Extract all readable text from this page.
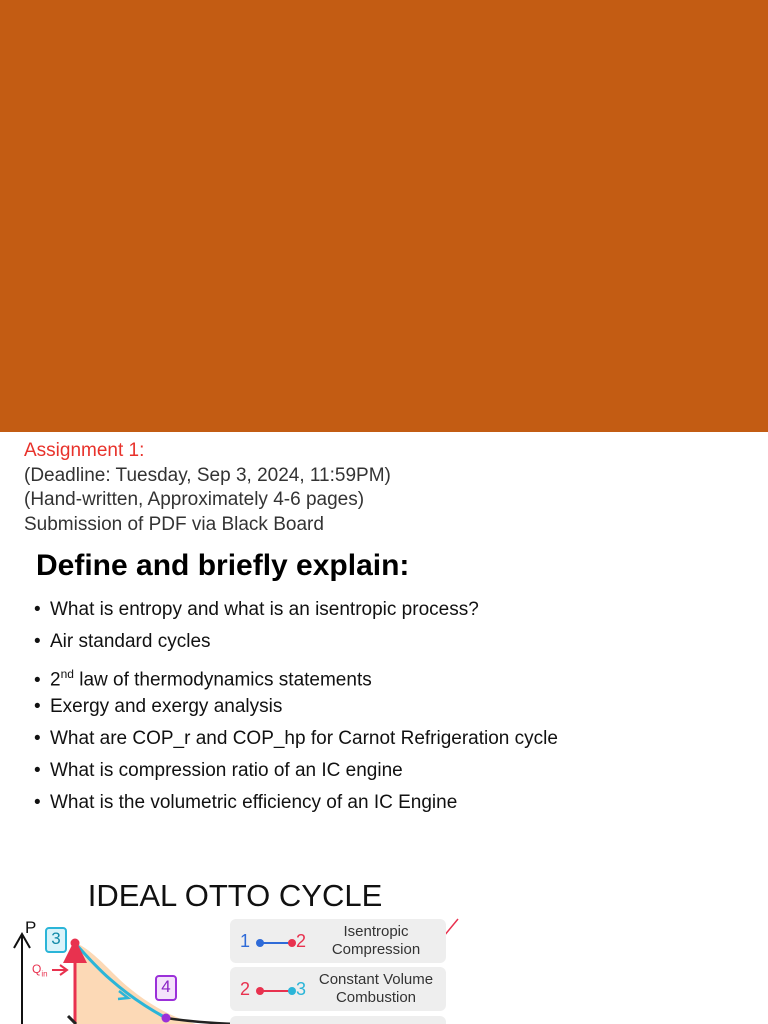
Assignment 1:
(Deadline: Tuesday, Sep 3, 2024, 11:59PM)
(Hand-written, Approximately 4-6 pages)
Submission of PDF via Black Board
Define and briefly explain:
• What is entropy and what is an isentropic process?
• Air standard cycles
• 2nd law of thermodynamics statements
• Exergy and exergy analysis
• What are COP_r and COP_hp for Carnot Refrigeration cycle
• What is compression ratio of an IC engine
• What is the volumetric efficiency of an IC Engine
IDEAL OTTO CYCLE
P
3
4
$Q_{in}$
1	2	Isentropic
Compression
2	3 Constant Volume
Combustion
